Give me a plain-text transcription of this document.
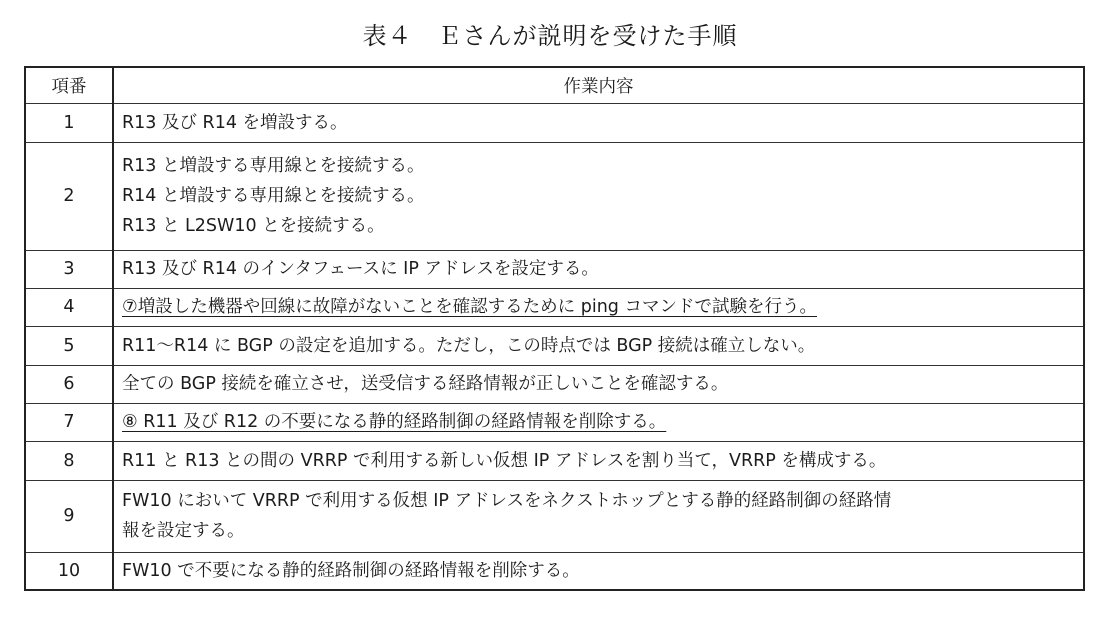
表４　Ｅさんが説明を受けた手順
項番	作業内容
1	R13 及び R14 を増設する。

2	R13 と増設する専用線とを接続する。
R14 と増設する専用線とを接続する。
R13 と L2SW10 とを接続する。

3	R13 及び R14 のインタフェースに IP アドレスを設定する。

4	⑦増設した機器や回線に故障がないことを確認するために ping コマンドで試験を行う。

5	R11～R14 に BGP の設定を追加する。ただし，この時点では BGP 接続は確立しない。

6	全ての BGP 接続を確立させ，送受信する経路情報が正しいことを確認する。

7	⑧ R11 及び R12 の不要になる静的経路制御の経路情報を削除する。

8	R11 と R13 との間の VRRP で利用する新しい仮想 IP アドレスを割り当て，VRRP を構成する。

9	FW10 において VRRP で利用する仮想 IP アドレスをネクストホップとする静的経路制御の経路情
報を設定する。

10	FW10 で不要になる静的経路制御の経路情報を削除する。
